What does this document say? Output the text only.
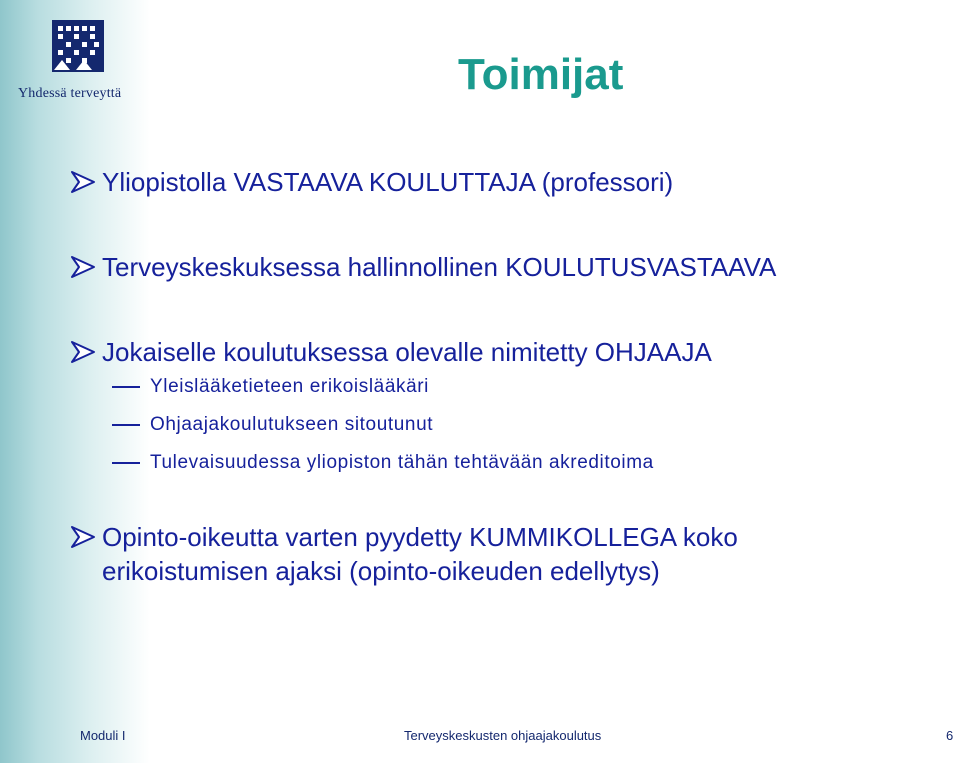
Yhdessä terveyttä	Toimijat
Yliopistolla VASTAAVA KOULUTTAJA (professori)
Terveyskeskuksessa hallinnollinen KOULUTUSVASTAAVA
Jokaiselle koulutuksessa olevalle nimitetty OHJAAJA
Yleislääketieteen erikoislääkäri
Ohjaajakoulutukseen sitoutunut
Tulevaisuudessa yliopiston tähän tehtävään akreditoima
Opinto-oikeutta varten pyydetty KUMMIKOLLEGA koko
erikoistumisen ajaksi (opinto-oikeuden edellytys)
Moduli I	Terveyskeskusten ohjaajakoulutus	6
